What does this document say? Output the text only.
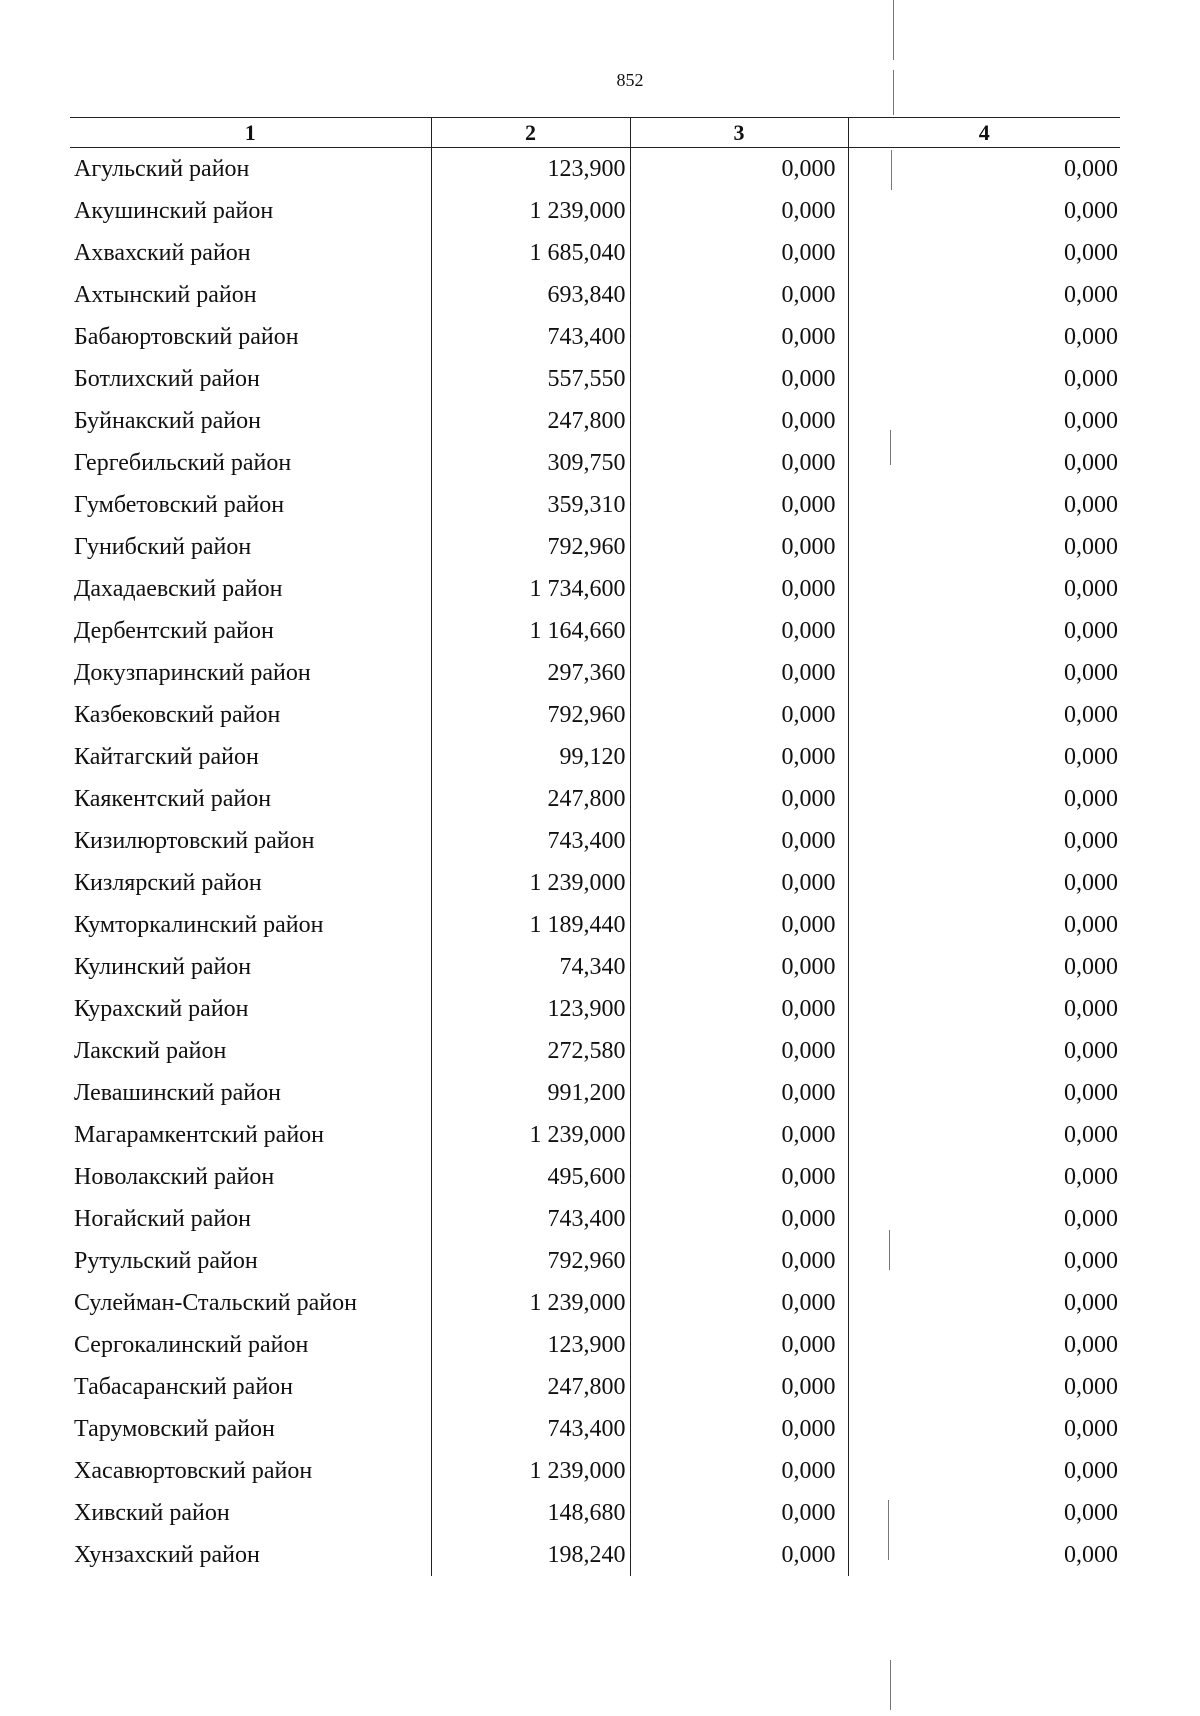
852
1	2	3	4
Агульский район	123,900	0,000	0,000
Акушинский район	1 239,000	0,000	0,000
Ахвахский район	1 685,040	0,000	0,000
Ахтынский район	693,840	0,000	0,000
Бабаюртовский район	743,400	0,000	0,000
Ботлихский район	557,550	0,000	0,000
Буйнакский район	247,800	0,000	0,000
Гергебильский район	309,750	0,000	0,000
Гумбетовский район	359,310	0,000	0,000
Гунибский район	792,960	0,000	0,000
Дахадаевский район	1 734,600	0,000	0,000
Дербентский район	1 164,660	0,000	0,000
Докузпаринский район	297,360	0,000	0,000
Казбековский район	792,960	0,000	0,000
Кайтагский район	99,120	0,000	0,000
Каякентский район	247,800	0,000	0,000
Кизилюртовский район	743,400	0,000	0,000
Кизлярский район	1 239,000	0,000	0,000
Кумторкалинский район	1 189,440	0,000	0,000
Кулинский район	74,340	0,000	0,000
Курахский район	123,900	0,000	0,000
Лакский район	272,580	0,000	0,000
Левашинский район	991,200	0,000	0,000
Магарамкентский район	1 239,000	0,000	0,000
Новолакский район	495,600	0,000	0,000
Ногайский район	743,400	0,000	0,000
Рутульский район	792,960	0,000	0,000
Сулейман-Стальский район	1 239,000	0,000	0,000
Сергокалинский район	123,900	0,000	0,000
Табасаранский район	247,800	0,000	0,000
Тарумовский район	743,400	0,000	0,000
Хасавюртовский район	1 239,000	0,000	0,000
Хивский район	148,680	0,000	0,000
Хунзахский район	198,240	0,000	0,000
